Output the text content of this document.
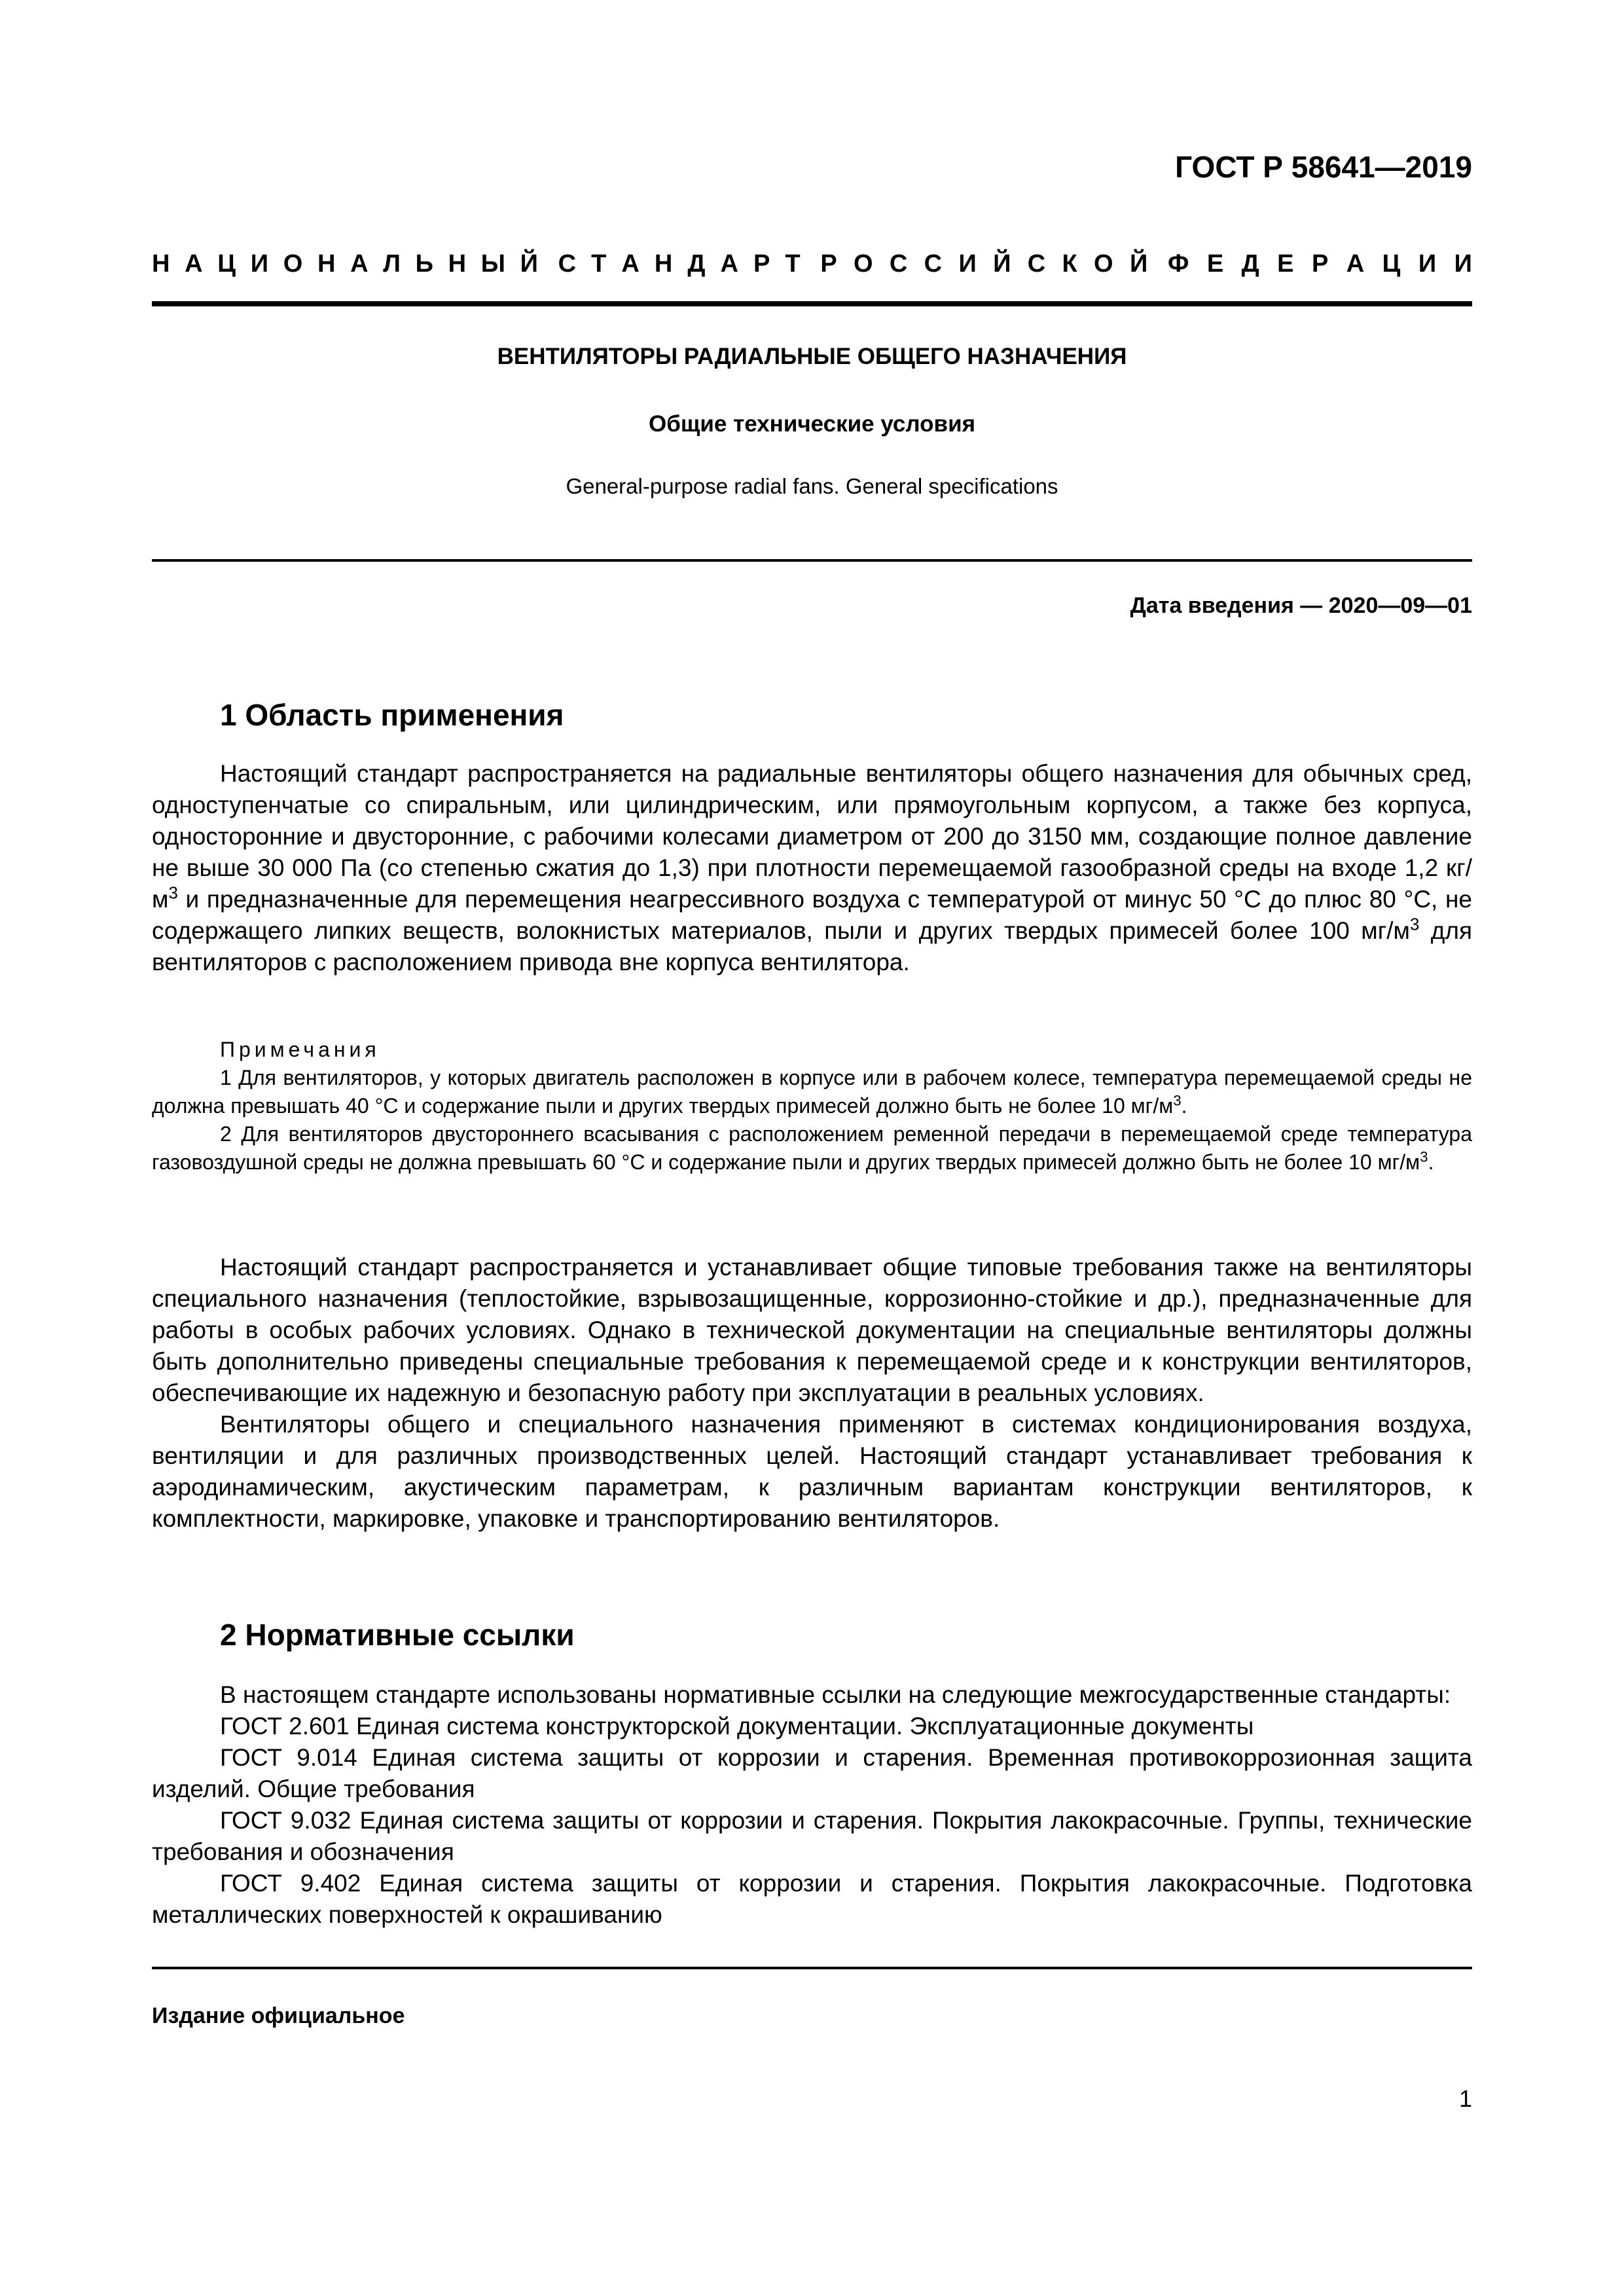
ГОСТ Р 58641—2019
Н А Ц И О Н А Л Ь Н Ы Й С Т А Н Д А Р Т Р О С С И Й С К О Й Ф Е Д Е Р А Ц И И
ВЕНТИЛЯТОРЫ РАДИАЛЬНЫЕ ОБЩЕГО НАЗНАЧЕНИЯ
Общие технические условия
General-purpose radial fans. General specifications
Дата введения — 2020—09—01
1 Область применения

Настоящий стандарт распространяется на радиальные вентиляторы общего назначения для обычных сред, одноступенчатые со спиральным, или цилиндрическим, или прямоугольным корпусом, а также без корпуса, односторонние и двусторонние, с рабочими колесами диаметром от 200 до 3150 мм, создающие полное давление не выше 30 000 Па (со степенью сжатия до 1,3) при плотности перемещаемой газообразной среды на входе 1,2 $кг/м^3$ и предназначенные для перемещения неагрессивного воздуха с температурой от минус 50 °С до плюс 80 °С, не содержащего липких веществ, волокнистых материалов, пыли и других твердых примесей более 100 $мг/м^3$ для вентиляторов с расположением привода вне корпуса вентилятора.

Примечания

1 Для вентиляторов, у которых двигатель расположен в корпусе или в рабочем колесе, температура перемещаемой среды не должна превышать 40 °С и содержание пыли и других твердых примесей должно быть не более 10 $мг/м^3$.

2 Для вентиляторов двустороннего всасывания с расположением ременной передачи в перемещаемой среде температура газовоздушной среды не должна превышать 60 °С и содержание пыли и других твердых примесей должно быть не более 10 $мг/м^3$.

Настоящий стандарт распространяется и устанавливает общие типовые требования также на вентиляторы специального назначения (теплостойкие, взрывозащищенные, коррозионно-стойкие и др.), предназначенные для работы в особых рабочих условиях. Однако в технической документации на специальные вентиляторы должны быть дополнительно приведены специальные требования к перемещаемой среде и к конструкции вентиляторов, обеспечивающие их надежную и безопасную работу при эксплуатации в реальных условиях.

Вентиляторы общего и специального назначения применяют в системах кондиционирования воздуха, вентиляции и для различных производственных целей. Настоящий стандарт устанавливает требования к аэродинамическим, акустическим параметрам, к различным вариантам конструкции вентиляторов, к комплектности, маркировке, упаковке и транспортированию вентиляторов.

2 Нормативные ссылки

В настоящем стандарте использованы нормативные ссылки на следующие межгосударственные стандарты:

ГОСТ 2.601 Единая система конструкторской документации. Эксплуатационные документы

ГОСТ 9.014 Единая система защиты от коррозии и старения. Временная противокоррозионная защита изделий. Общие требования

ГОСТ 9.032 Единая система защиты от коррозии и старения. Покрытия лакокрасочные. Группы, технические требования и обозначения

ГОСТ 9.402 Единая система защиты от коррозии и старения. Покрытия лакокрасочные. Подготовка металлических поверхностей к окрашиванию

Издание официальное
1
